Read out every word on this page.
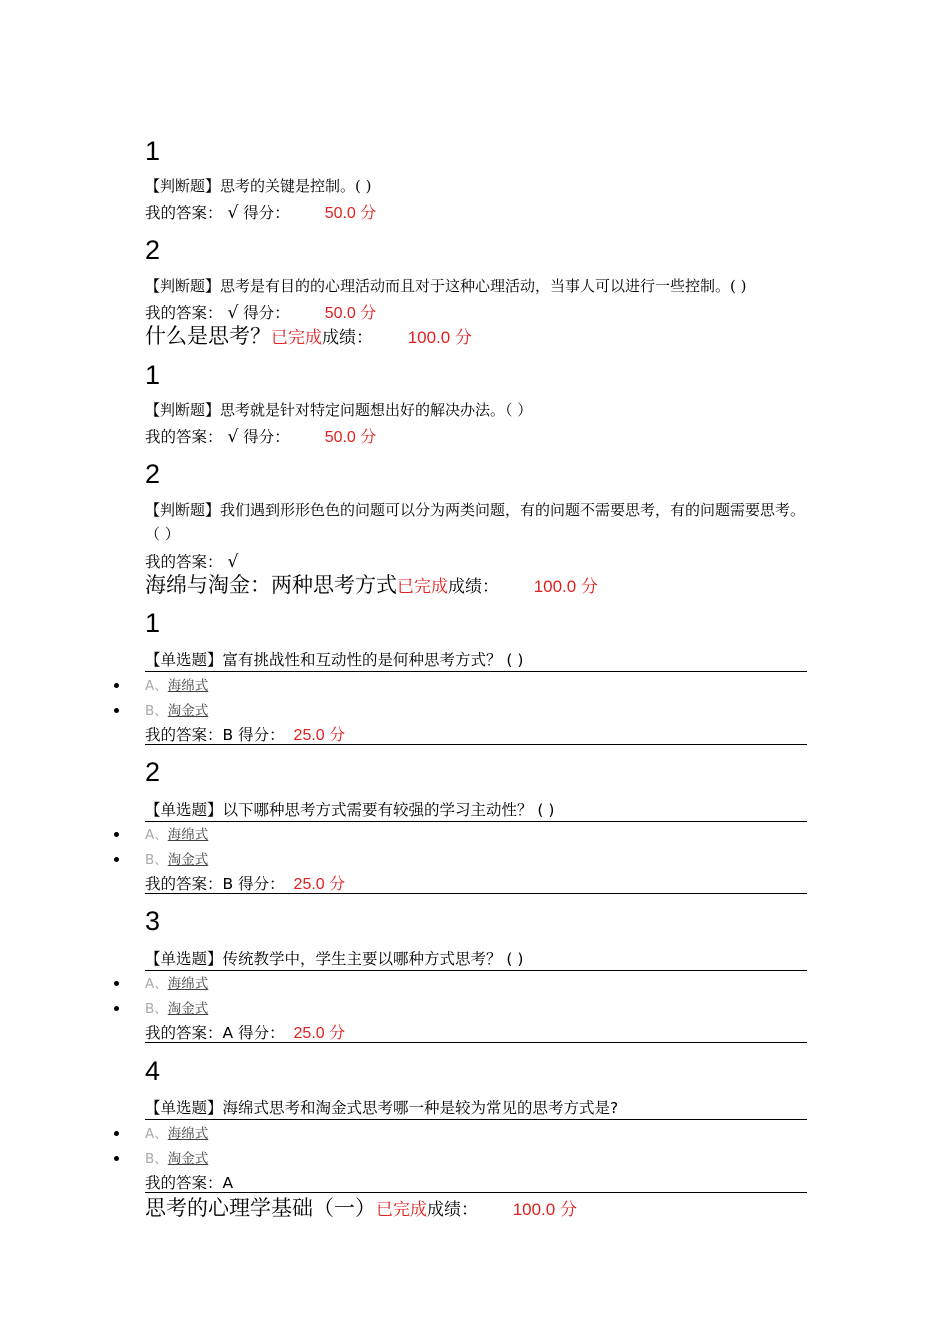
1
【判断题】思考的关键是控制。( )
我的答案： √ 得分： 50.0 分
2
【判断题】思考是有目的的心理活动而且对于这种心理活动，当事人可以进行一些控制。( )
我的答案： √ 得分： 50.0 分
什么是思考？已完成成绩： 100.0 分
1
【判断题】思考就是针对特定问题想出好的解决办法。（ ）
我的答案： √ 得分： 50.0 分
2
【判断题】我们遇到形形色色的问题可以分为两类问题，有的问题不需要思考，有的问题需要思考。（ ）
我的答案： √
海绵与淘金：两种思考方式已完成成绩： 100.0 分
1
【单选题】富有挑战性和互动性的是何种思考方式？ ( )
A、海绵式
B、淘金式
我的答案：B 得分： 25.0 分
2
【单选题】以下哪种思考方式需要有较强的学习主动性？ ( )
A、海绵式
B、淘金式
我的答案：B 得分： 25.0 分
3
【单选题】传统教学中，学生主要以哪种方式思考？ ( )
A、海绵式
B、淘金式
我的答案：A 得分： 25.0 分
4
【单选题】海绵式思考和淘金式思考哪一种是较为常见的思考方式是?
A、海绵式
B、淘金式
我的答案：A
思考的心理学基础（一）已完成成绩： 100.0 分
